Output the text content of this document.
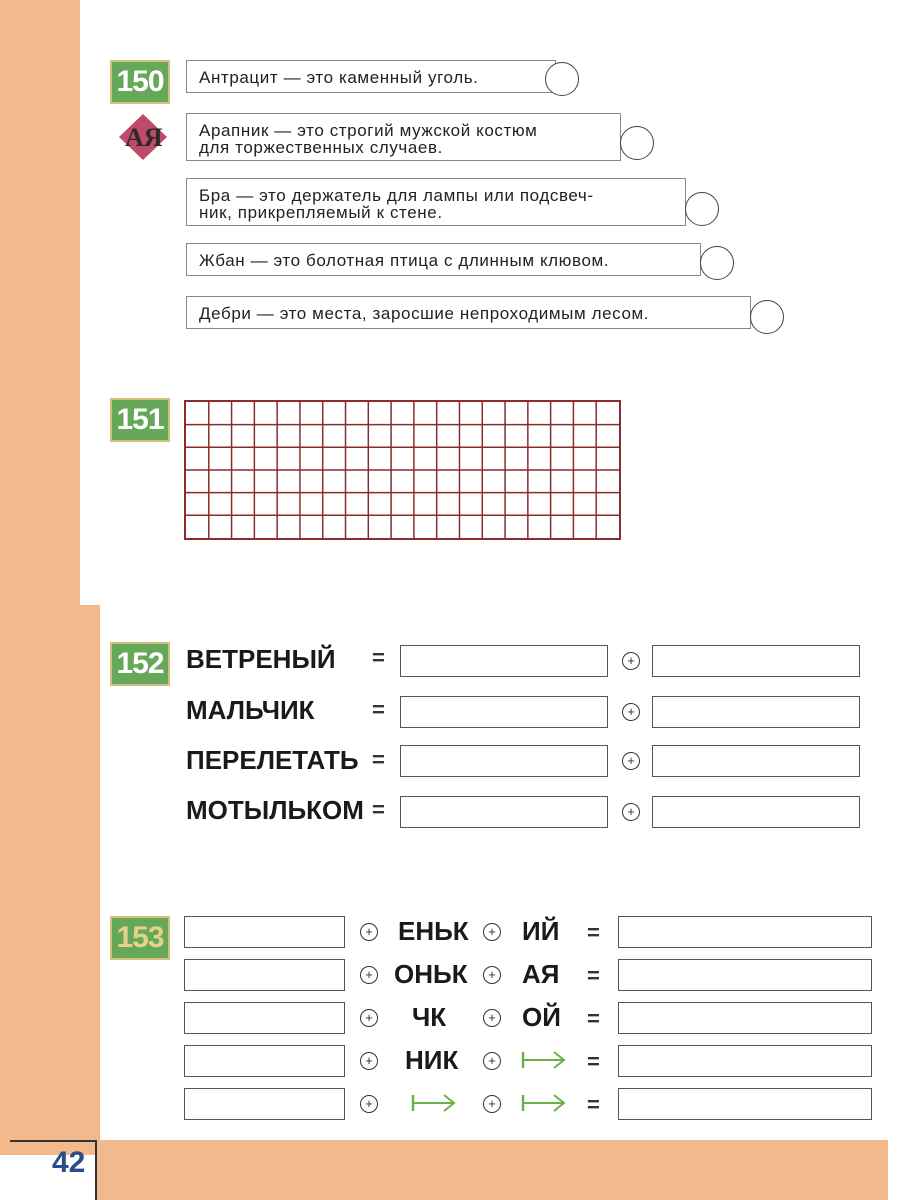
42
150
АЯ
Антрацит — это каменный уголь.
Арапник — это строгий мужской костюм
для торжественных случаев.
Бра — это держатель для лампы или подсвеч-
ник, прикрепляемый к стене.
Жбан — это болотная птица с длинным клювом.
Дебри — это места, заросшие непроходимым лесом.
151
152 ВЕТРЕНЫЙ =	+
МАЛЬЧИК	=	+
ПЕРЕЛЕТАТЬ =	+
МОТЫЛЬКОМ =	+
153	+ ЕНЬК	+ ИЙ =
+ ОНЬК	+ АЯ =
+ ЧК	+ ОЙ =
+ НИК	+	=
+	+	=
